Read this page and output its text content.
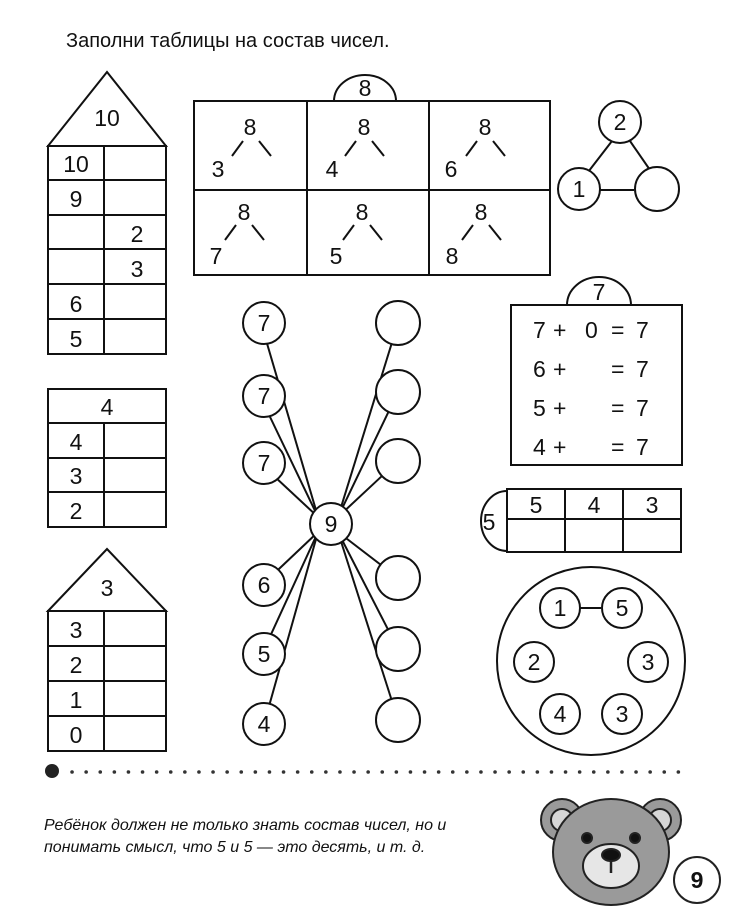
Заполни таблицы на состав чисел.
10
10
9
2
3
6
5
4
4
3
2
3
3
2
1
0
8
8
3
8
4
8
6
8
7
8
5
8
8
2
1
9
7
7
7
6
5
4
7
5
5 4 3
1 5
2	3
4 3
9
7 + 0 = 7
6 + = 7
5 + = 7
4 + = 7
Ребёнок должен не только знать состав чисел, но и
понимать смысл, что 5 и 5 — это десять, и т. д.
